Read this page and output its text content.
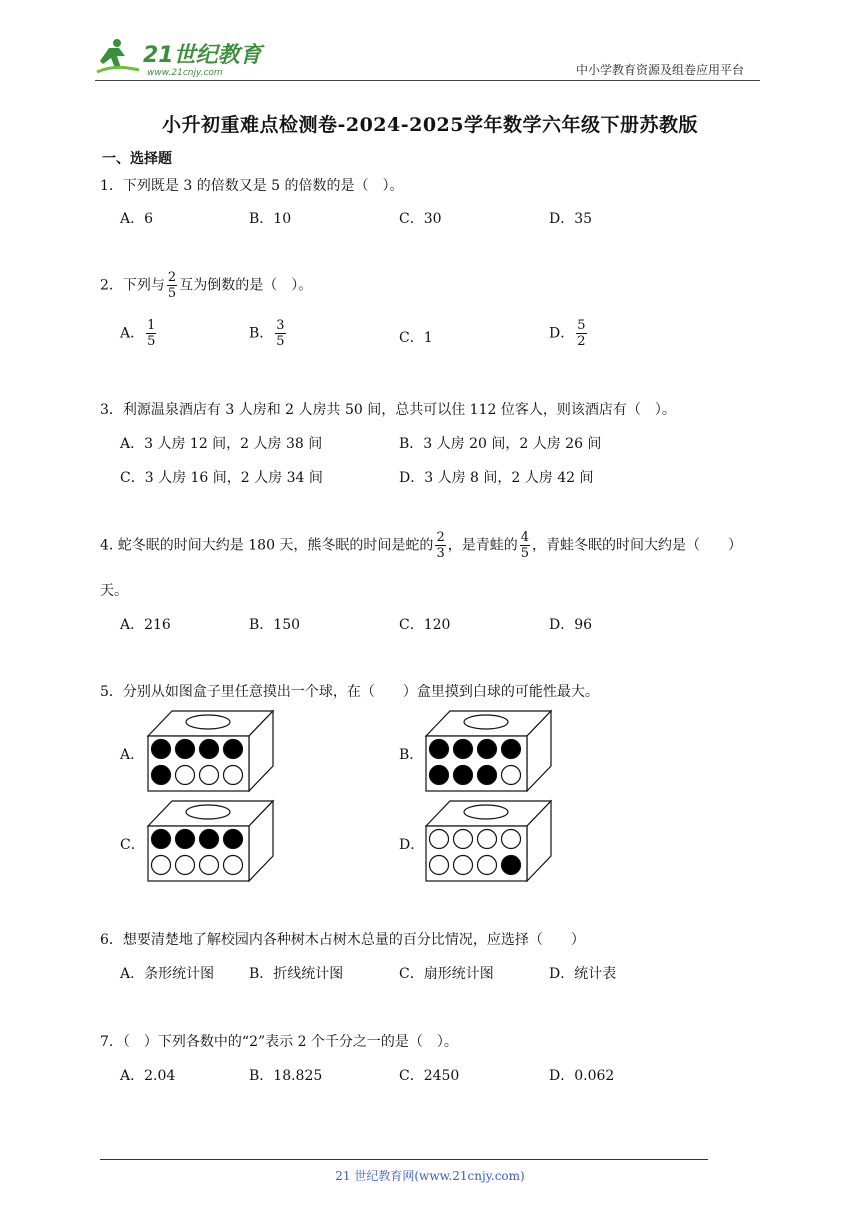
21世纪教育
www.21cnjy.com	中小学教育资源及组卷应用平台
小升初重难点检测卷-2024-2025学年数学六年级下册苏教版
一、选择题
1．下列既是 3 的倍数又是 5 的倍数的是（　）。
A．6	B．10	C．30	D．35
2．下列与 $\frac{2}{5}$ 互为倒数的是（　）。
A． $\frac{1}{5}$	B． $\frac{3}{5}$	C．1	D． $\frac{5}{2}$
3．利源温泉酒店有 3 人房和 2 人房共 50 间，总共可以住 112 位客人，则该酒店有（　）。
A．3 人房 12 间，2 人房 38 间	B．3 人房 20 间，2 人房 26 间
C．3 人房 16 间，2 人房 34 间	D．3 人房 8 间，2 人房 42 间
4. 蛇冬眠的时间大约是 180 天，熊冬眠的时间是蛇的 $\frac{2}{3}$ ，是青蛙的 $\frac{4}{5}$ ，青蛙冬眠的时间大约是（　　）
天。
A．216	B．150	C．120	D．96
5．分别从如图盒子里任意摸出一个球，在（　　）盒里摸到白球的可能性最大。
A．	B．
C．	D．
6．想要清楚地了解校园内各种树木占树木总量的百分比情况，应选择（　　）
A．条形统计图 B．折线统计图	C．扇形统计图	D．统计表
7．（　）下列各数中的“2”表示 2 个千分之一的是（　）。
A．2.04	B．18.825	C．2450	D．0.062
21 世纪教育网(www.21cnjy.com)
